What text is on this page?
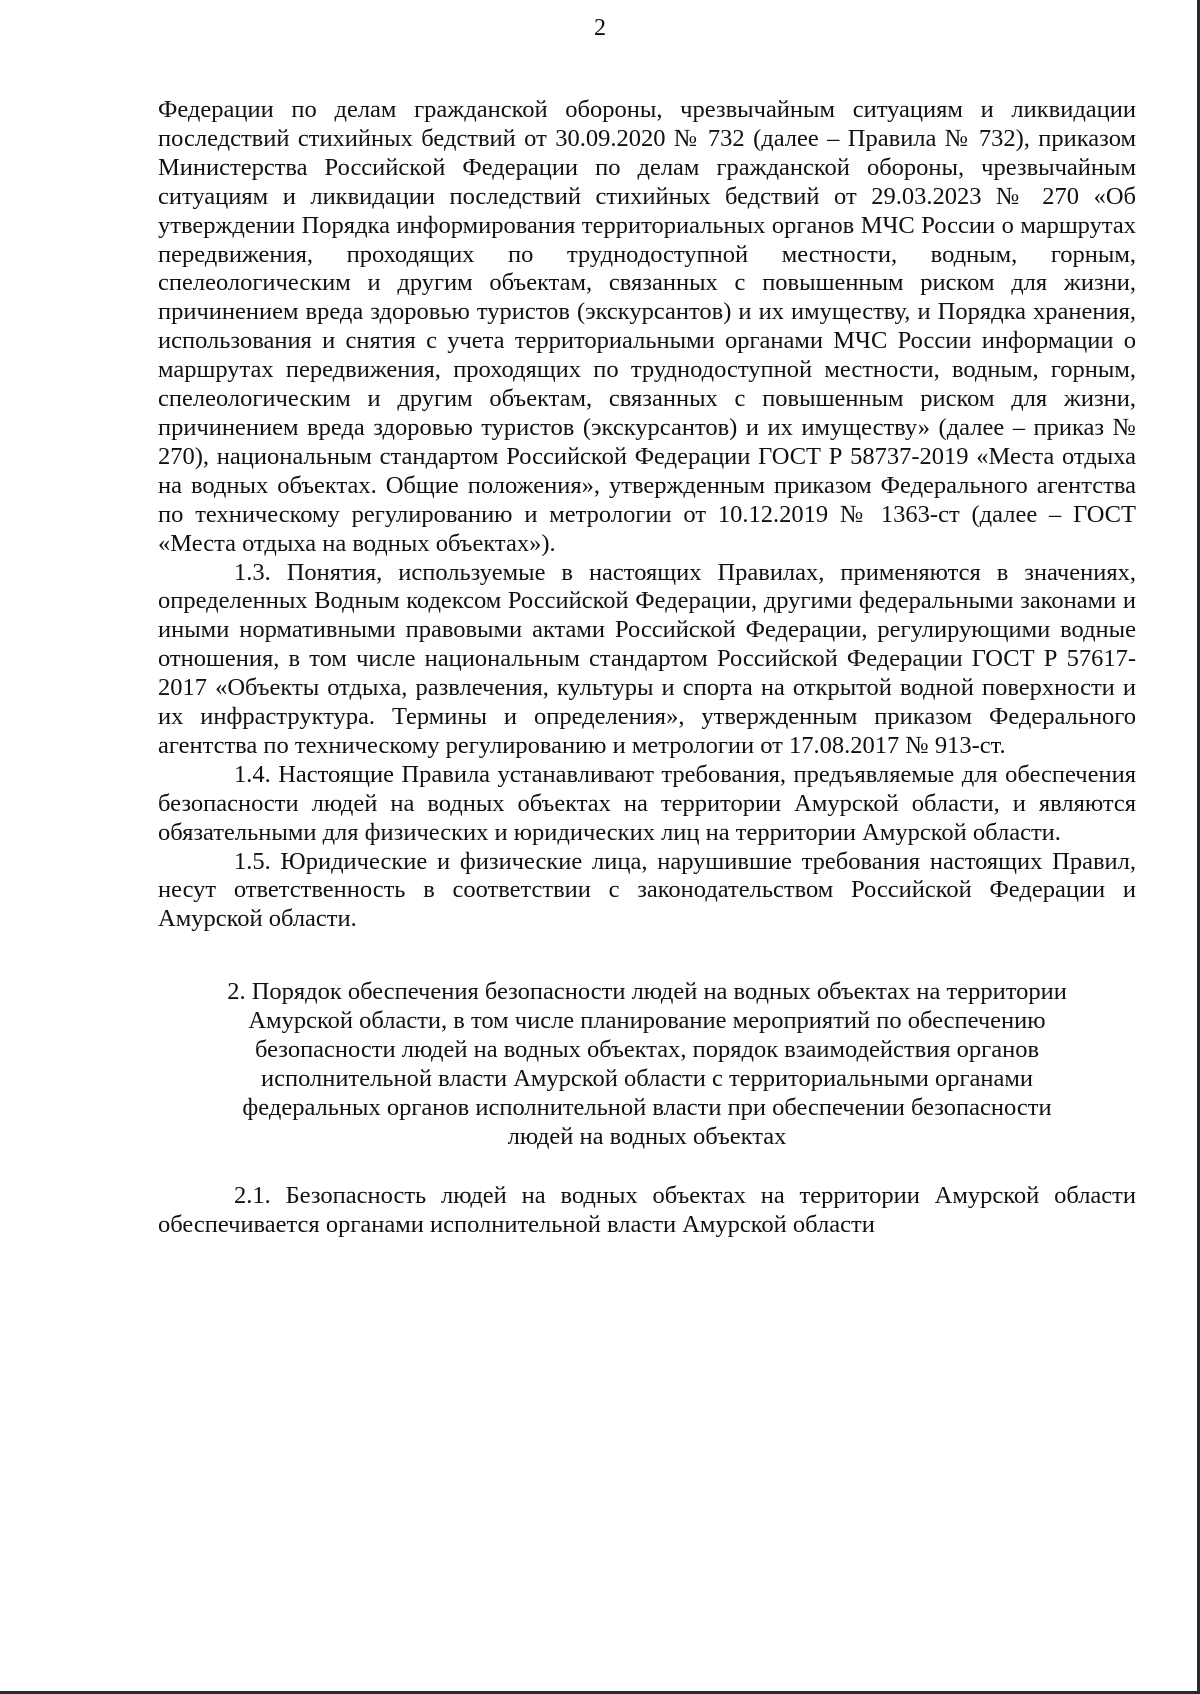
2

Федерации по делам гражданской обороны, чрезвычайным ситуациям и ликвидации последствий стихийных бедствий от 30.09.2020 № 732 (далее – Правила № 732), приказом Министерства Российской Федерации по делам гражданской обороны, чрезвычайным ситуациям и ликвидации последствий стихийных бедствий от 29.03.2023 № 270 «Об утверждении Порядка информирования территориальных органов МЧС России о маршрутах передвижения, проходящих по труднодоступной местности, водным, горным, спелеологическим и другим объектам, связанных с повышенным риском для жизни, причинением вреда здоровью туристов (экскурсантов) и их имуществу, и Порядка хранения, использования и снятия с учета территориальными органами МЧС России информации о маршрутах передвижения, проходящих по труднодоступной местности, водным, горным, спелеологическим и другим объектам, связанных с повышенным риском для жизни, причинением вреда здоровью туристов (экскурсантов) и их имуществу» (далее – приказ № 270), национальным стандартом Российской Федерации ГОСТ Р 58737-2019 «Места отдыха на водных объектах. Общие положения», утвержденным приказом Федерального агентства по техническому регулированию и метрологии от 10.12.2019 № 1363-ст (далее – ГОСТ «Места отдыха на водных объектах»).

1.3. Понятия, используемые в настоящих Правилах, применяются в значениях, определенных Водным кодексом Российской Федерации, другими федеральными законами и иными нормативными правовыми актами Российской Федерации, регулирующими водные отношения, в том числе национальным стандартом Российской Федерации ГОСТ Р 57617-2017 «Объекты отдыха, развлечения, культуры и спорта на открытой водной поверхности и их инфраструктура. Термины и определения», утвержденным приказом Федерального агентства по техническому регулированию и метрологии от 17.08.2017 № 913-ст.

1.4. Настоящие Правила устанавливают требования, предъявляемые для обеспечения безопасности людей на водных объектах на территории Амурской области, и являются обязательными для физических и юридических лиц на территории Амурской области.

1.5. Юридические и физические лица, нарушившие требования настоящих Правил, несут ответственность в соответствии с законодательством Российской Федерации и Амурской области.

2. Порядок обеспечения безопасности людей на водных объектах на территории Амурской области, в том числе планирование мероприятий по обеспечению безопасности людей на водных объектах, порядок взаимодействия органов исполнительной власти Амурской области с территориальными органами федеральных органов исполнительной власти при обеспечении безопасности людей на водных объектах

2.1. Безопасность людей на водных объектах на территории Амурской области обеспечивается органами исполнительной власти Амурской области
